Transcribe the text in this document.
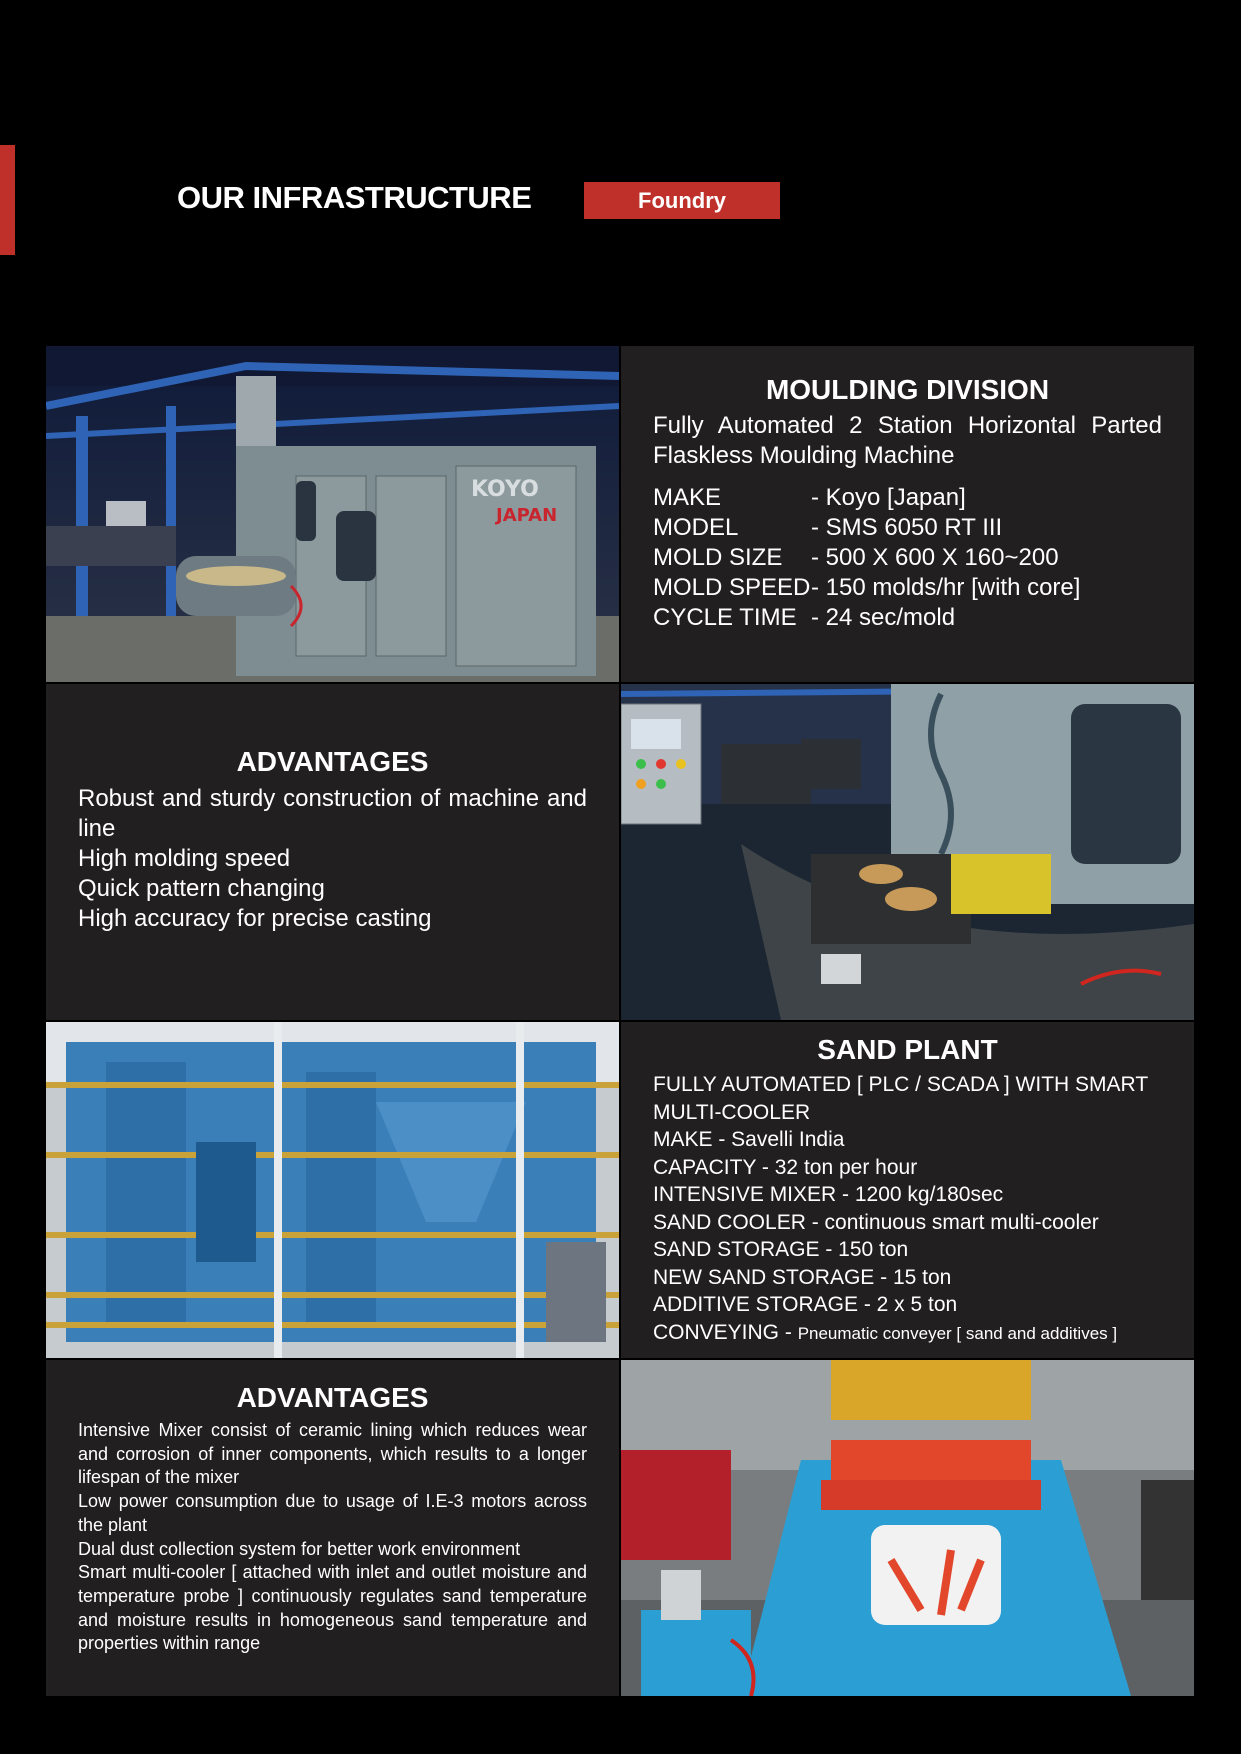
OUR INFRASTRUCTURE	Foundry
KOYO
JAPAN
MOULDING DIVISION

Fully Automated 2 Station Horizontal Parted Flaskless Moulding Machine

MAKE	- Koyo [Japan]
MODEL	- SMS 6050 RT III
MOLD SIZE	- 500 X 600 X 160~200
MOLD SPEED - 150 molds/hr [with core]
CYCLE TIME - 24 sec/mold
ADVANTAGES

Robust and sturdy construction of machine and line

High molding speed

Quick pattern changing

High accuracy for precise casting

SAND PLANT
FULLY AUTOMATED [ PLC / SCADA ] WITH SMART
MULTI-COOLER
MAKE - Savelli India
CAPACITY - 32 ton per hour
INTENSIVE MIXER - 1200 kg/180sec
SAND COOLER - continuous smart multi-cooler
SAND STORAGE - 150 ton
NEW SAND STORAGE - 15 ton
ADDITIVE STORAGE - 2 x 5 ton
CONVEYING - Pneumatic conveyer [ sand and additives ]
ADVANTAGES

Intensive Mixer consist of ceramic lining which reduces wear and corrosion of inner components, which results to a longer lifespan of the mixer

Low power consumption due to usage of I.E-3 motors across the plant

Dual dust collection system for better work environment

Smart multi-cooler [ attached with inlet and outlet moisture and temperature probe ] continuously regulates sand temperature and moisture results in homogeneous sand temperature and properties within range
